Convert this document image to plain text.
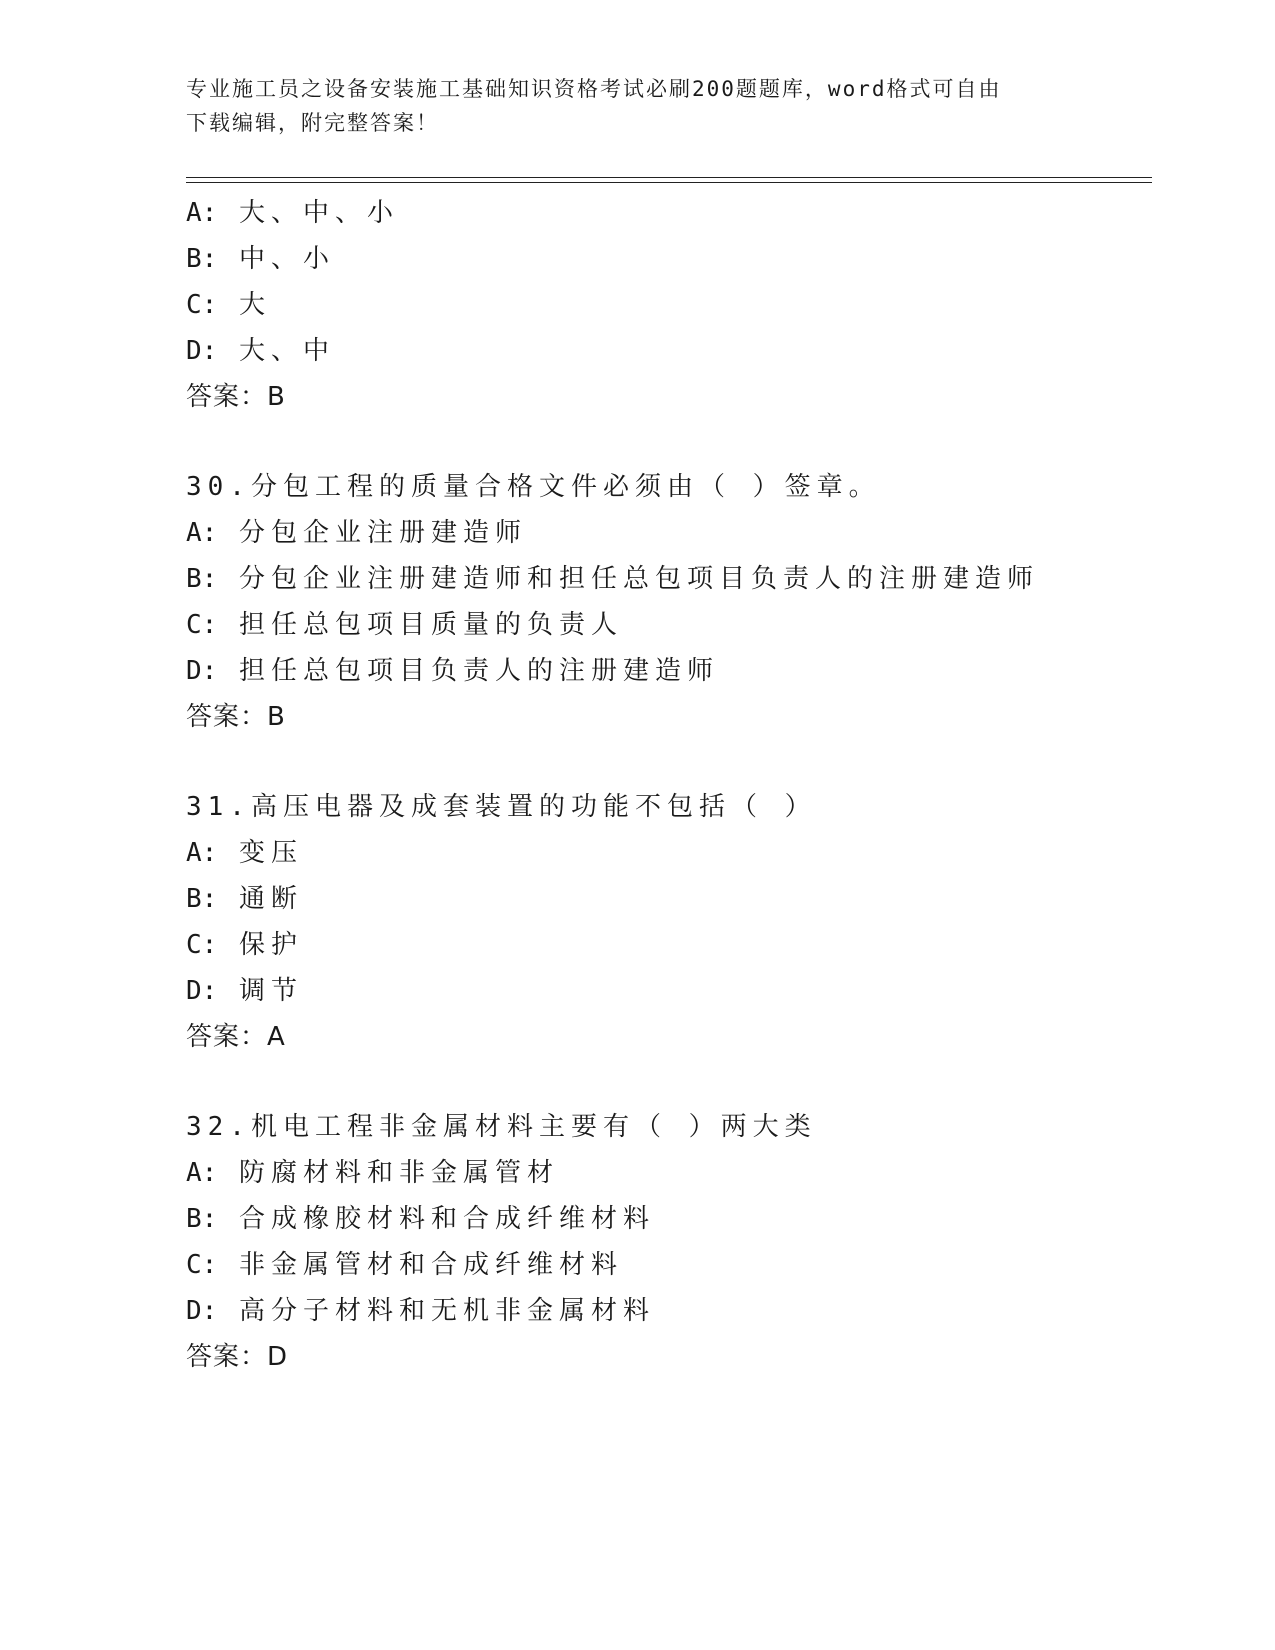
专业施工员之设备安装施工基础知识资格考试必刷200题题库，word格式可自由
下载编辑，附完整答案！

A: 大、中、小
B: 中、小
C: 大
D: 大、中
答案：B
30.分包工程的质量合格文件必须由（ ）签章。
A: 分包企业注册建造师
B: 分包企业注册建造师和担任总包项目负责人的注册建造师
C: 担任总包项目质量的负责人
D: 担任总包项目负责人的注册建造师
答案：B
31.高压电器及成套装置的功能不包括（ ）
A: 变压
B: 通断
C: 保护
D: 调节
答案：A
32.机电工程非金属材料主要有（ ）两大类
A: 防腐材料和非金属管材
B: 合成橡胶材料和合成纤维材料
C: 非金属管材和合成纤维材料
D: 高分子材料和无机非金属材料
答案：D
